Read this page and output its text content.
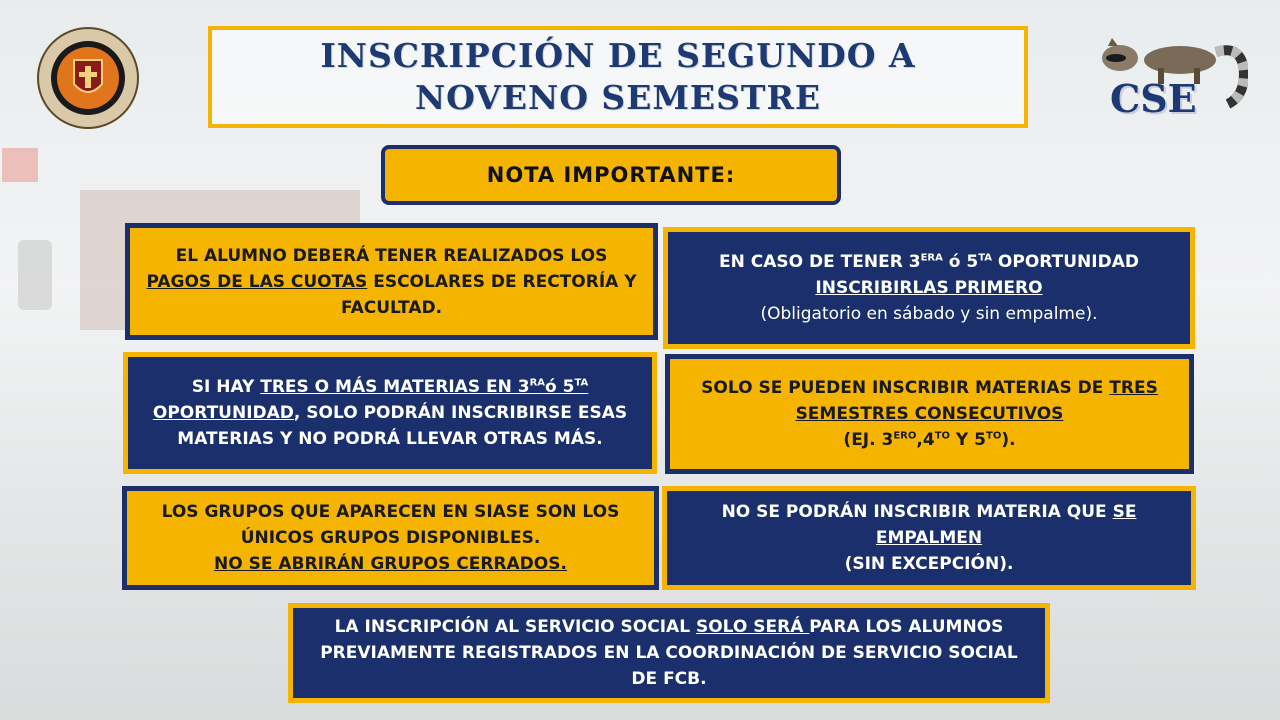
CSE
INSCRIPCIÓN DE SEGUNDO A NOVENO SEMESTRE
NOTA IMPORTANTE:
EL ALUMNO DEBERÁ TENER REALIZADOS LOS
PAGOS DE LAS CUOTAS ESCOLARES DE RECTORÍA Y FACULTAD.
EN CASO DE TENER $3^{ERA}$ ó $5^{TA}$ OPORTUNIDAD
INSCRIBIRLAS PRIMERO
(Obligatorio en sábado y sin empalme).
SI HAY TRES O MÁS MATERIAS EN $3^{RA}ó$ $5^{TA}$
OPORTUNIDAD, SOLO PODRÁN INSCRIBIRSE ESAS MATERIAS Y NO PODRÁ LLEVAR OTRAS MÁS.
SOLO SE PUEDEN INSCRIBIR MATERIAS DE TRES SEMESTRES CONSECUTIVOS
(EJ. $3^{ERO},4^{TO}$ Y $5^{TO}$).
LOS GRUPOS QUE APARECEN EN SIASE SON LOS ÚNICOS GRUPOS DISPONIBLES.
NO SE ABRIRÁN GRUPOS CERRADOS.
NO SE PODRÁN INSCRIBIR MATERIA QUE SE EMPALMEN
(SIN EXCEPCIÓN).
LA INSCRIPCIÓN AL SERVICIO SOCIAL SOLO SERÁ PARA LOS ALUMNOS PREVIAMENTE REGISTRADOS EN LA COORDINACIÓN DE SERVICIO SOCIAL DE FCB.
